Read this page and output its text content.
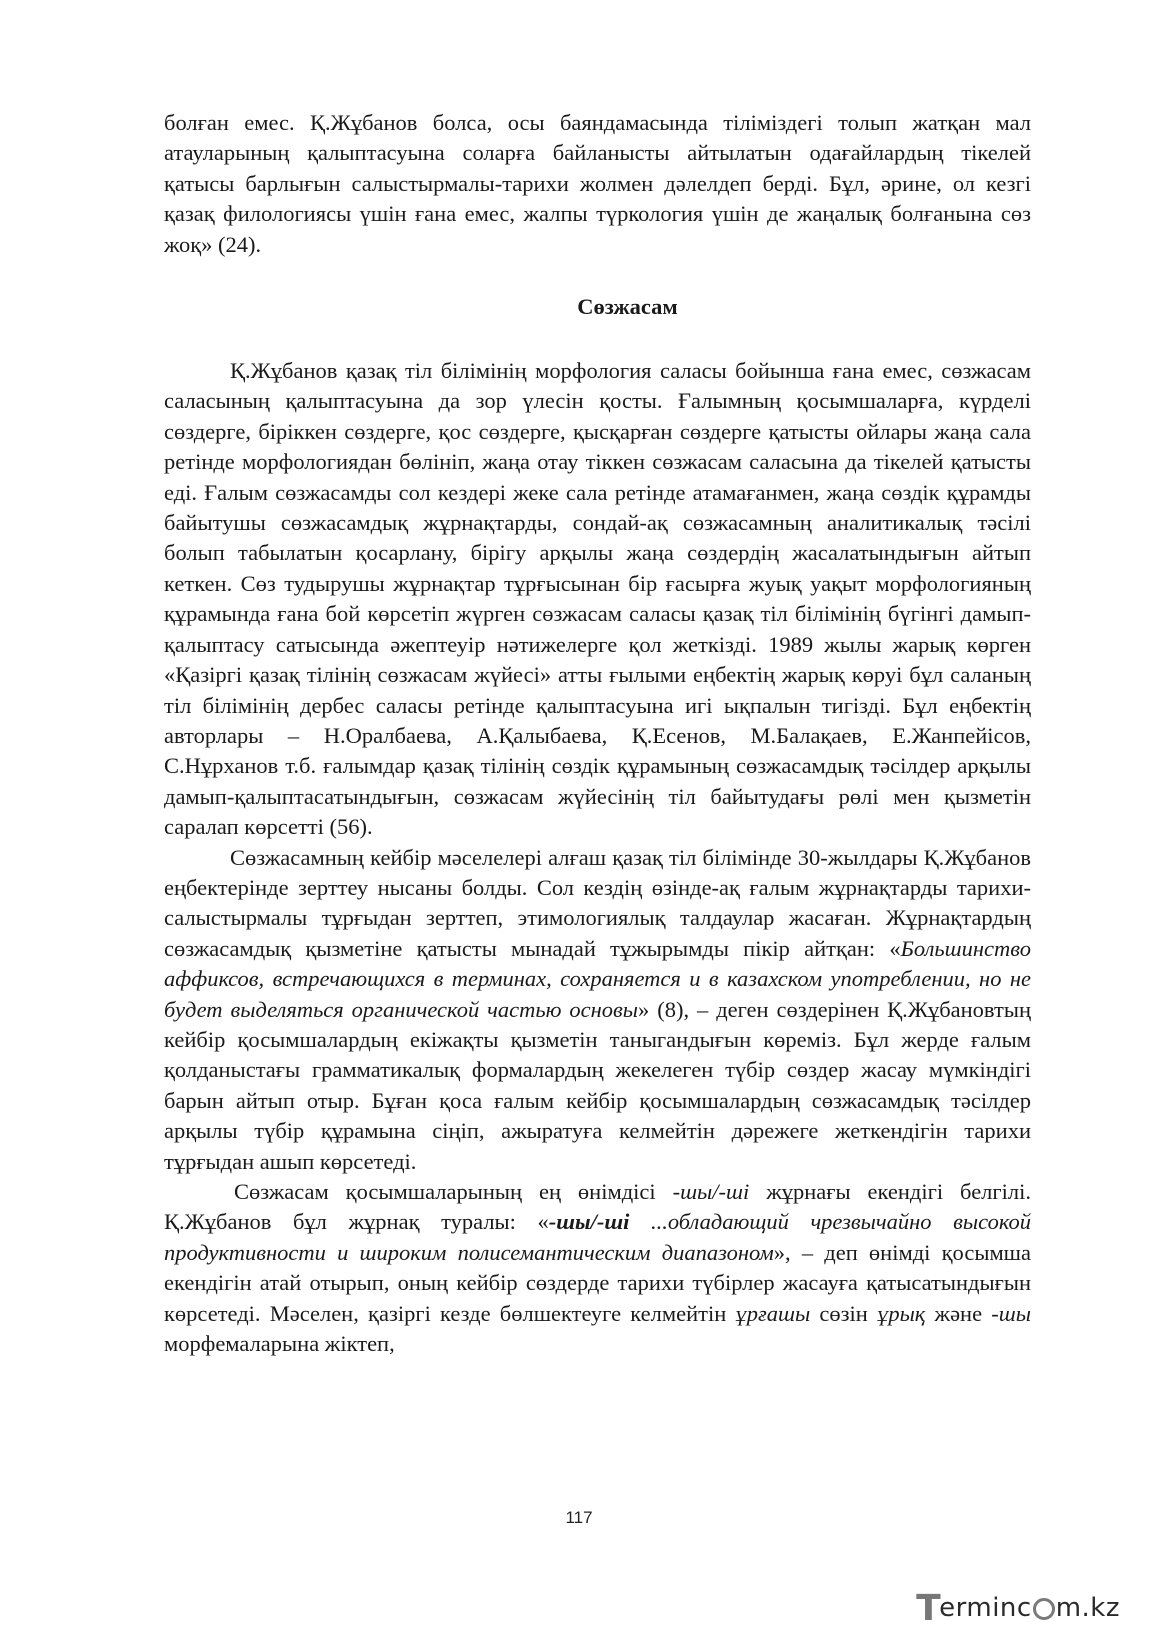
болған емес. Қ.Жұбанов болса, осы баяндамасында тіліміздегі толып жатқан мал атауларының қалыптасуына соларға байланысты айтылатын одағайлардың тікелей қатысы барлығын салыстырмалы-тарихи жолмен дәлелдеп берді. Бұл, әрине, ол кезгі қазақ филологиясы үшін ғана емес, жалпы түркология үшін де жаңалық болғанына сөз жоқ» (24).

Сөзжасам

Қ.Жұбанов қазақ тіл білімінің морфология саласы бойынша ғана емес, сөзжасам саласының қалыптасуына да зор үлесін қосты. Ғалымның қосымшаларға, күрделі сөздерге, біріккен сөздерге, қос сөздерге, қысқарған сөздерге қатысты ойлары жаңа сала ретінде морфологиядан бөлініп, жаңа отау тіккен сөзжасам саласына да тікелей қатысты еді. Ғалым сөзжасамды сол кездері жеке сала ретінде атамағанмен, жаңа сөздік құрамды байытушы сөзжасамдық жұрнақтарды, сондай-ақ сөзжасамның аналитикалық тәсілі болып табылатын қосарлану, бірігу арқылы жаңа сөздердің жасалатындығын айтып кеткен. Сөз тудырушы жұрнақтар тұрғысынан бір ғасырға жуық уақыт морфологияның құрамында ғана бой көрсетіп жүрген сөзжасам саласы қазақ тіл білімінің бүгінгі дамып-қалыптасу сатысында әжептеуір нәтижелерге қол жеткізді. 1989 жылы жарық көрген «Қазіргі қазақ тілінің сөзжасам жүйесі» атты ғылыми еңбектің жарық көруі бұл саланың тіл білімінің дербес саласы ретінде қалыптасуына игі ықпалын тигізді. Бұл еңбектің авторлары – Н.Оралбаева, А.Қалыбаева, Қ.Есенов, М.Балақаев, Е.Жанпейісов, С.Нұрханов т.б. ғалымдар қазақ тілінің сөздік құрамының сөзжасамдық тәсілдер арқылы дамып-қалыптасатындығын, сөзжасам жүйесінің тіл байытудағы рөлі мен қызметін саралап көрсетті (56).

Сөзжасамның кейбір мәселелері алғаш қазақ тіл білімінде 30-жылдары Қ.Жұбанов еңбектерінде зерттеу нысаны болды. Сол кездің өзінде-ақ ғалым жұрнақтарды тарихи-салыстырмалы тұрғыдан зерттеп, этимологиялық талдаулар жасаған. Жұрнақтардың сөзжасамдық қызметіне қатысты мынадай тұжырымды пікір айтқан: «Большинство аффиксов, встречающихся в терминах, сохраняется и в казахском употреблении, но не будет выделяться органической частью основы» (8), – деген сөздерінен Қ.Жұбановтың кейбір қосымшалардың екіжақты қызметін таныгандығын көреміз. Бұл жерде ғалым қолданыстағы грамматикалық формалардың жекелеген түбір сөздер жасау мүмкіндігі барын айтып отыр. Бұған қоса ғалым кейбір қосымшалардың сөзжасамдық тәсілдер арқылы түбір құрамына сіңіп, ажыратуға келмейтін дәрежеге жеткендігін тарихи тұрғыдан ашып көрсетеді.

Сөзжасам қосымшаларының ең өнімдісі -шы/-ші жұрнағы екендігі белгілі. Қ.Жұбанов бұл жұрнақ туралы: «-шы/-ші ...обладающий чрезвычайно высокой продуктивности и широким полисемантическим диапазоном», – деп өнімді қосымша екендігін атай отырып, оның кейбір сөздерде тарихи түбірлер жасауға қатысатындығын көрсетеді. Мәселен, қазіргі кезде бөлшектеуге келмейтін ұрғашы сөзін ұрық және -шы морфемаларына жіктеп,

117
T
erminc m.kz
